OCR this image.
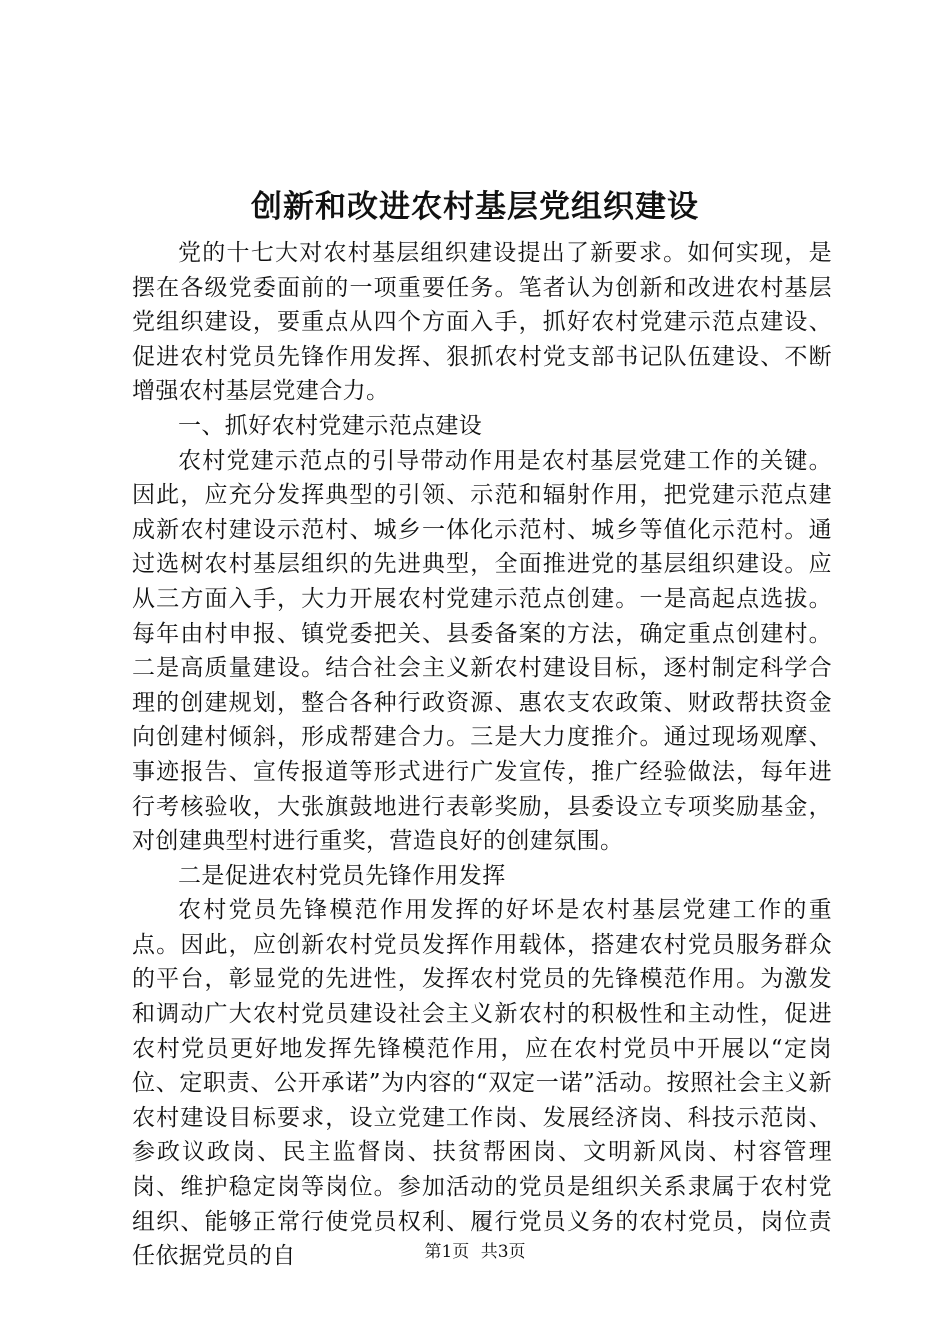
创新和改进农村基层党组织建设

党的十七大对农村基层组织建设提出了新要求。如何实现，是摆在各级党委面前的一项重要任务。笔者认为创新和改进农村基层党组织建设，要重点从四个方面入手，抓好农村党建示范点建设、促进农村党员先锋作用发挥、狠抓农村党支部书记队伍建设、不断增强农村基层党建合力。

一、抓好农村党建示范点建设

农村党建示范点的引导带动作用是农村基层党建工作的关键。因此，应充分发挥典型的引领、示范和辐射作用，把党建示范点建成新农村建设示范村、城乡一体化示范村、城乡等值化示范村。通过选树农村基层组织的先进典型，全面推进党的基层组织建设。应从三方面入手，大力开展农村党建示范点创建。一是高起点选拔。每年由村申报、镇党委把关、县委备案的方法，确定重点创建村。二是高质量建设。结合社会主义新农村建设目标，逐村制定科学合理的创建规划，整合各种行政资源、惠农支农政策、财政帮扶资金向创建村倾斜，形成帮建合力。三是大力度推介。通过现场观摩、事迹报告、宣传报道等形式进行广发宣传，推广经验做法，每年进行考核验收，大张旗鼓地进行表彰奖励，县委设立专项奖励基金，对创建典型村进行重奖，营造良好的创建氛围。

二是促进农村党员先锋作用发挥

农村党员先锋模范作用发挥的好坏是农村基层党建工作的重点。因此，应创新农村党员发挥作用载体，搭建农村党员服务群众的平台，彰显党的先进性，发挥农村党员的先锋模范作用。为激发和调动广大农村党员建设社会主义新农村的积极性和主动性，促进农村党员更好地发挥先锋模范作用，应在农村党员中开展以“定岗位、定职责、公开承诺”为内容的“双定一诺”活动。按照社会主义新农村建设目标要求，设立党建工作岗、发展经济岗、科技示范岗、参政议政岗、民主监督岗、扶贫帮困岗、文明新风岗、村容管理岗、维护稳定岗等岗位。参加活动的党员是组织关系隶属于农村党组织、能够正常行使党员权利、履行党员义务的农村党员，岗位责任依据党员的自	第1页 共3页
